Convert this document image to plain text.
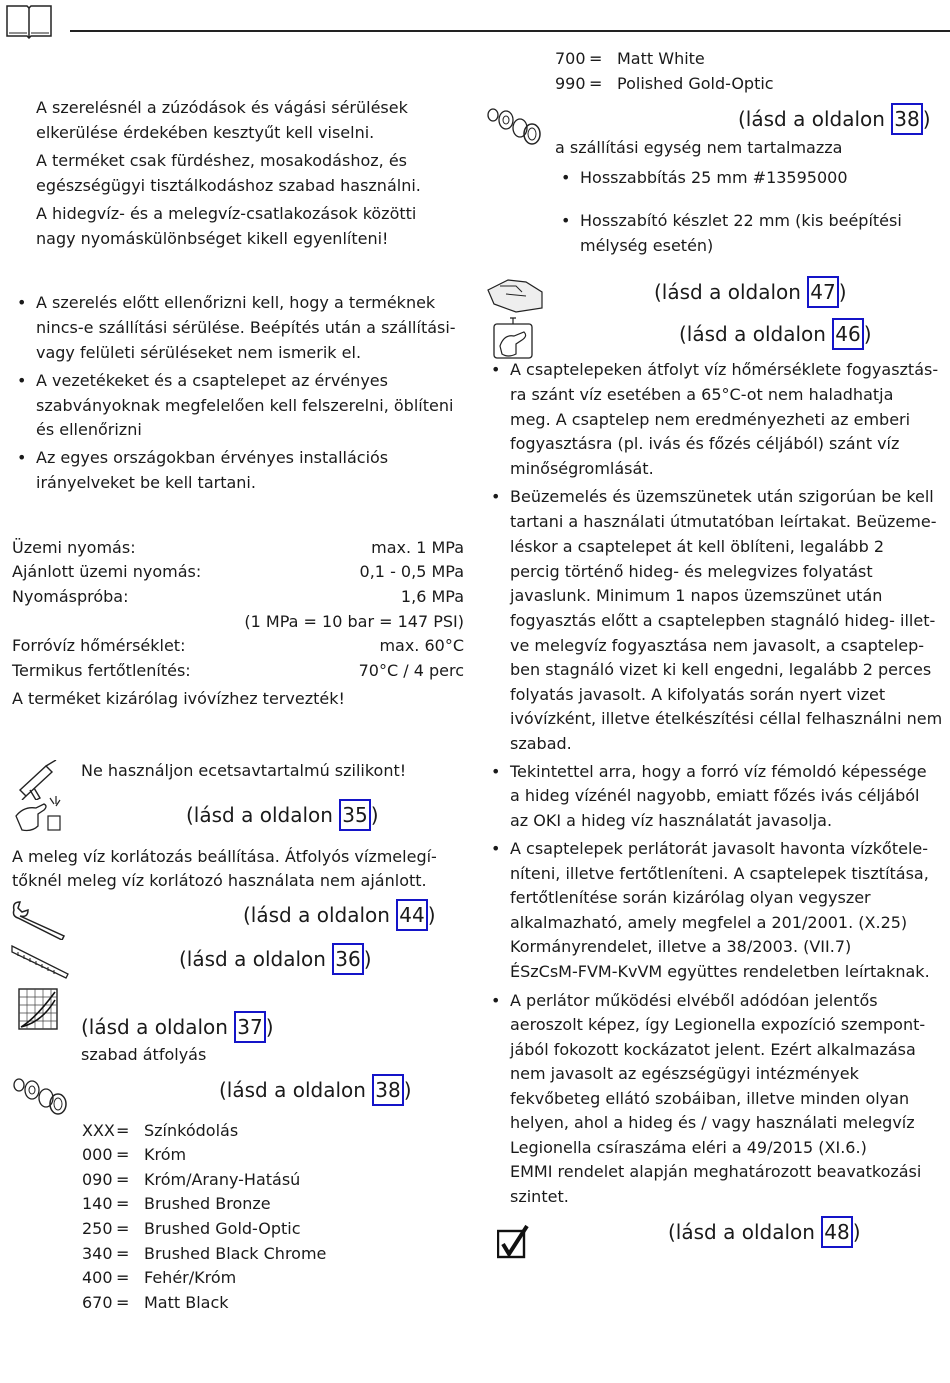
A szerelésnél a zúzódások és vágási sérülések
elkerülése érdekében kesztyűt kell viselni.
A terméket csak fürdéshez, mosakodáshoz, és
egészségügyi tisztálkodáshoz szabad használni.
A hidegvíz- és a melegvíz-csatlakozások közötti
nagy nyomáskülönbséget kikell egyenlíteni!
• A szerelés előtt ellenőrizni kell, hogy a terméknek
nincs-e szállítási sérülése. Beépítés után a szállítási-
vagy felületi sérüléseket nem ismerik el.
• A vezetékeket és a csaptelepet az érvényes
szabványoknak megfelelően kell felszerelni, öblíteni
és ellenőrizni
• Az egyes országokban érvényes installációs
irányelveket be kell tartani.
Üzemi nyomás:	max. 1 MPa
Ajánlott üzemi nyomás:	0,1 - 0,5 MPa
Nyomáspróba:	1,6 MPa
(1 MPa = 10 bar = 147 PSI)
Forróvíz hőmérséklet:	max. 60°C
Termikus fertőtlenítés:	70°C / 4 perc
A terméket kizárólag ivóvízhez tervezték!
Ne használjon ecetsavtartalmú szilikont!
(lásd a oldalon 35 )
A meleg víz korlátozás beállítása. Átfolyós vízmelegí-
tőknél meleg víz korlátozó használata nem ajánlott.
(lásd a oldalon 44 )
(lásd a oldalon 36 )
(lásd a oldalon 37 )
szabad átfolyás
(lásd a oldalon 38 )
XXX= Színkódolás
000 = Króm
090 = Króm/Arany-Hatású
140 = Brushed Bronze
250 = Brushed Gold-Optic
340 = Brushed Black Chrome
400 = Fehér/Króm
670 = Matt Black
700 = Matt White
990 = Polished Gold-Optic
(lásd a oldalon 38 )
a szállítási egység nem tartalmazza
• Hosszabbítás 25 mm #13595000
• Hosszabító készlet 22 mm (kis beépítési
mélység esetén)
(lásd a oldalon 47 )
(lásd a oldalon 46 )
• A csaptelepeken átfolyt víz hőmérséklete fogyasztás-
ra szánt víz esetében a 65°C-ot nem haladhatja
meg. A csaptelep nem eredményezheti az emberi
fogyasztásra (pl. ivás és főzés céljából) szánt víz
minőségromlását.
• Beüzemelés és üzemszünetek után szigorúan be kell
tartani a használati útmutatóban leírtakat. Beüzeme-
léskor a csaptelepet át kell öblíteni, legalább 2
percig történő hideg- és melegvizes folyatást
javaslunk. Minimum 1 napos üzemszünet után
fogyasztás előtt a csaptelepben stagnáló hideg- illet-
ve melegvíz fogyasztása nem javasolt, a csaptelep-
ben stagnáló vizet ki kell engedni, legalább 2 perces
folyatás javasolt. A kifolyatás során nyert vizet
ivóvízként, illetve ételkészítési céllal felhasználni nem
szabad.
• Tekintettel arra, hogy a forró víz fémoldó képessége
a hideg vízénél nagyobb, emiatt főzés ivás céljából
az OKI a hideg víz használatát javasolja.
• A csaptelepek perlátorát javasolt havonta vízkőtele-
níteni, illetve fertőtleníteni. A csaptelepek tisztítása,
fertőtlenítése során kizárólag olyan vegyszer
alkalmazható, amely megfelel a 201/2001. (X.25)
Kormányrendelet, illetve a 38/2003. (VII.7)
ÉSzCsM-FVM-KvVM együttes rendeletben leírtaknak.
• A perlátor működési elvéből adódóan jelentős
aeroszolt képez, így Legionella expozíció szempont-
jából fokozott kockázatot jelent. Ezért alkalmazása
nem javasolt az egészségügyi intézmények
fekvőbeteg ellátó szobáiban, illetve minden olyan
helyen, ahol a hideg és / vagy használati melegvíz
Legionella csíraszáma eléri a 49/2015 (XI.6.)
EMMI rendelet alapján meghatározott beavatkozási
szintet.
(lásd a oldalon 48 )
